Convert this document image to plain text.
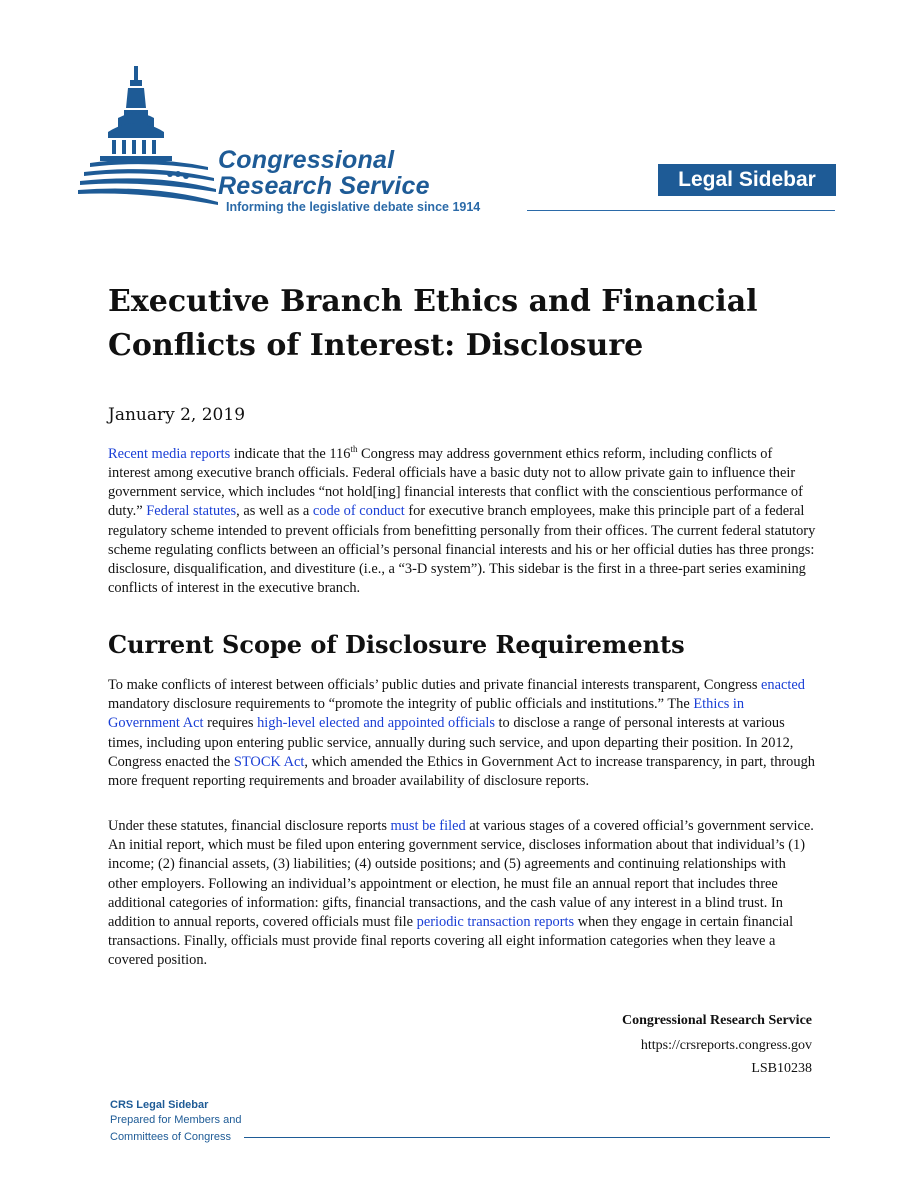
Congressional
Research Service
Informing the legislative debate since 1914
Legal Sidebar
Executive Branch Ethics and Financial
Conflicts of Interest: Disclosure
January 2, 2019
Recent media reports indicate that the 116th Congress may address government ethics reform, including conflicts of interest among executive branch officials. Federal officials have a basic duty not to allow private gain to influence their government service, which includes “not hold[ing] financial interests that conflict with the conscientious performance of duty.” Federal statutes, as well as a code of conduct for executive branch employees, make this principle part of a federal regulatory scheme intended to prevent officials from benefitting personally from their offices. The current federal statutory scheme regulating conflicts between an official’s personal financial interests and his or her official duties has three prongs: disclosure, disqualification, and divestiture (i.e., a “3-D system”). This sidebar is the first in a three-part series examining conflicts of interest in the executive branch.
Current Scope of Disclosure Requirements
To make conflicts of interest between officials’ public duties and private financial interests transparent, Congress enacted mandatory disclosure requirements to “promote the integrity of public officials and institutions.” The Ethics in Government Act requires high-level elected and appointed officials to disclose a range of personal interests at various times, including upon entering public service, annually during such service, and upon departing their position. In 2012, Congress enacted the STOCK Act, which amended the Ethics in Government Act to increase transparency, in part, through more frequent reporting requirements and broader availability of disclosure reports.
Under these statutes, financial disclosure reports must be filed at various stages of a covered official’s government service. An initial report, which must be filed upon entering government service, discloses information about that individual’s (1) income; (2) financial assets, (3) liabilities; (4) outside positions; and (5) agreements and continuing relationships with other employers. Following an individual’s appointment or election, he must file an annual report that includes three additional categories of information: gifts, financial transactions, and the cash value of any interest in a blind trust. In addition to annual reports, covered officials must file periodic transaction reports when they engage in certain financial transactions. Finally, officials must provide final reports covering all eight information categories when they leave a covered position.
Congressional Research Service
https://crsreports.congress.gov
LSB10238
CRS Legal Sidebar
Prepared for Members and
Committees of Congress
